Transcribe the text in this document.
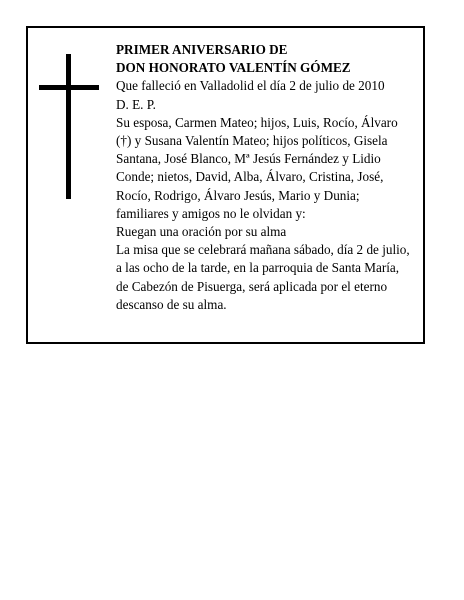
PRIMER ANIVERSARIO DE
DON HONORATO VALENTÍN GÓMEZ
Que falleció en Valladolid el día 2 de julio de 2010
D. E. P.
Su esposa, Carmen Mateo; hijos, Luis, Rocío, Álvaro
(†) y Susana Valentín Mateo; hijos políticos, Gisela
Santana, José Blanco, Mª Jesús Fernández y Lidio
Conde; nietos, David, Alba, Álvaro, Cristina, José,
Rocío, Rodrigo, Álvaro Jesús, Mario y Dunia;
familiares y amigos no le olvidan y:
Ruegan una oración por su alma
La misa que se celebrará mañana sábado, día 2 de julio,
a las ocho de la tarde, en la parroquia de Santa María,
de Cabezón de Pisuerga, será aplicada por el eterno
descanso de su alma.
